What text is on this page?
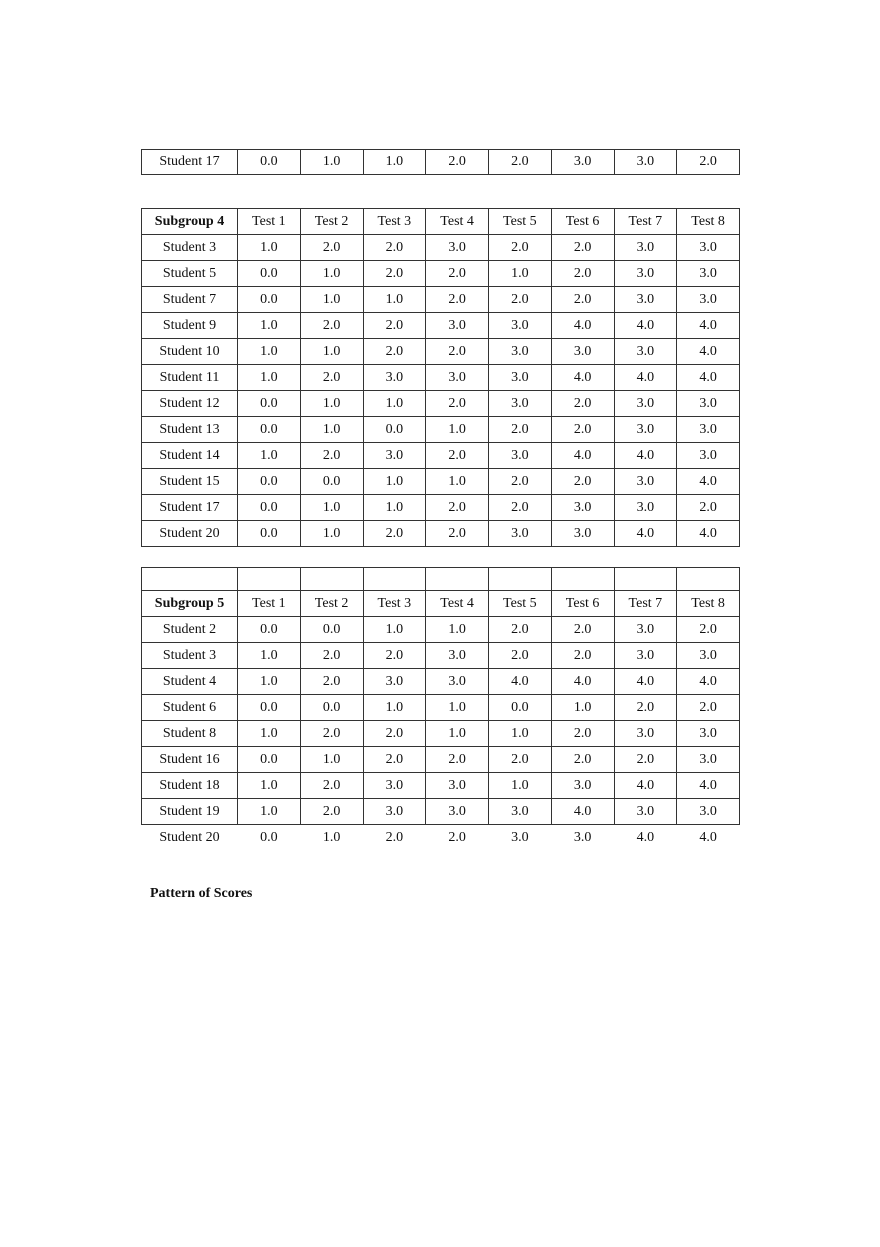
Student 17	0.0	1.0	1.0	2.0	2.0	3.0	3.0	2.0
Subgroup 4	Test 1	Test 2	Test 3	Test 4	Test 5	Test 6	Test 7	Test 8
Student 3	1.0	2.0	2.0	3.0	2.0	2.0	3.0	3.0
Student 5	0.0	1.0	2.0	2.0	1.0	2.0	3.0	3.0
Student 7	0.0	1.0	1.0	2.0	2.0	2.0	3.0	3.0
Student 9	1.0	2.0	2.0	3.0	3.0	4.0	4.0	4.0
Student 10	1.0	1.0	2.0	2.0	3.0	3.0	3.0	4.0
Student 11	1.0	2.0	3.0	3.0	3.0	4.0	4.0	4.0
Student 12	0.0	1.0	1.0	2.0	3.0	2.0	3.0	3.0
Student 13	0.0	1.0	0.0	1.0	2.0	2.0	3.0	3.0
Student 14	1.0	2.0	3.0	2.0	3.0	4.0	4.0	3.0
Student 15	0.0	0.0	1.0	1.0	2.0	2.0	3.0	4.0
Student 17	0.0	1.0	1.0	2.0	2.0	3.0	3.0	2.0
Student 20	0.0	1.0	2.0	2.0	3.0	3.0	4.0	4.0

Subgroup 5	Test 1	Test 2	Test 3	Test 4	Test 5	Test 6	Test 7	Test 8
Student 2	0.0	0.0	1.0	1.0	2.0	2.0	3.0	2.0
Student 3	1.0	2.0	2.0	3.0	2.0	2.0	3.0	3.0
Student 4	1.0	2.0	3.0	3.0	4.0	4.0	4.0	4.0
Student 6	0.0	0.0	1.0	1.0	0.0	1.0	2.0	2.0
Student 8	1.0	2.0	2.0	1.0	1.0	2.0	3.0	3.0
Student 16	0.0	1.0	2.0	2.0	2.0	2.0	2.0	3.0
Student 18	1.0	2.0	3.0	3.0	1.0	3.0	4.0	4.0
Student 19	1.0	2.0	3.0	3.0	3.0	4.0	3.0	3.0
Student 20	0.0	1.0	2.0	2.0	3.0	3.0	4.0	4.0

Pattern of Scores
